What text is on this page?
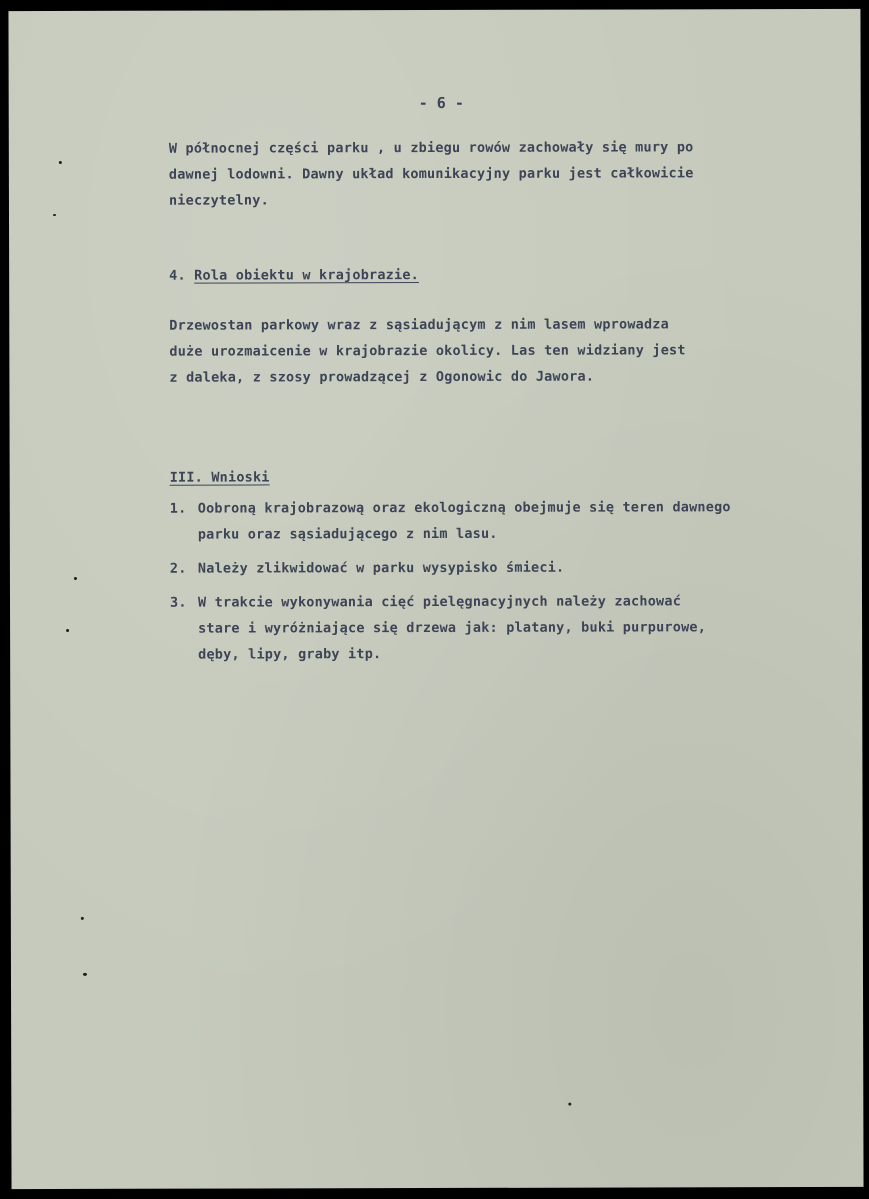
- 6 -
W północnej części parku , u zbiegu rowów zachowały się mury po
dawnej lodowni. Dawny układ komunikacyjny parku jest całkowicie
nieczytelny.
4. Rola obiektu w krajobrazie.
Drzewostan parkowy wraz z sąsiadującym z nim lasem wprowadza
duże urozmaicenie w krajobrazie okolicy. Las ten widziany jest
z daleka, z szosy prowadzącej z Ogonowic do Jawora.
III. Wnioski
1. Oobroną krajobrazową oraz ekologiczną obejmuje się teren dawnego
parku oraz sąsiadującego z nim lasu.
2. Należy zlikwidować w parku wysypisko śmieci.
3. W trakcie wykonywania cięć pielęgnacyjnych należy zachować
stare i wyróżniające się drzewa jak: platany, buki purpurowe,
dęby, lipy, graby itp.
